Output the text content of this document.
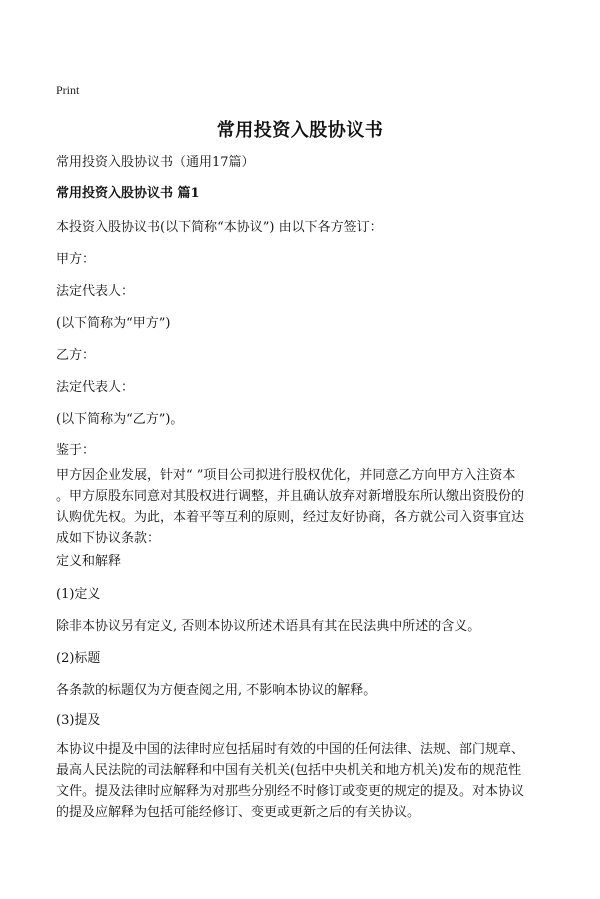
Print
常用投资入股协议书
常用投资入股协议书（通用17篇）
常用投资入股协议书 篇1
本投资入股协议书(以下简称“本协议”) 由以下各方签订：
甲方：
法定代表人：
(以下简称为“甲方”)
乙方：
法定代表人：
(以下简称为“乙方”)。
鉴于：
甲方因企业发展，针对“ ”项目公司拟进行股权优化，并同意乙方向甲方入注资本
。甲方原股东同意对其股权进行调整，并且确认放弃对新增股东所认缴出资股份的
认购优先权。为此，本着平等互利的原则，经过友好协商，各方就公司入资事宜达
成如下协议条款：
定义和解释
(1)定义
除非本协议另有定义, 否则本协议所述术语具有其在民法典中所述的含义。
(2)标题
各条款的标题仅为方便查阅之用, 不影响本协议的解释。
(3)提及
本协议中提及中国的法律时应包括届时有效的中国的任何法律、法规、部门规章、
最高人民法院的司法解释和中国有关机关(包括中央机关和地方机关)发布的规范性
文件。提及法律时应解释为对那些分别经不时修订或变更的规定的提及。对本协议
的提及应解释为包括可能经修订、变更或更新之后的有关协议。
